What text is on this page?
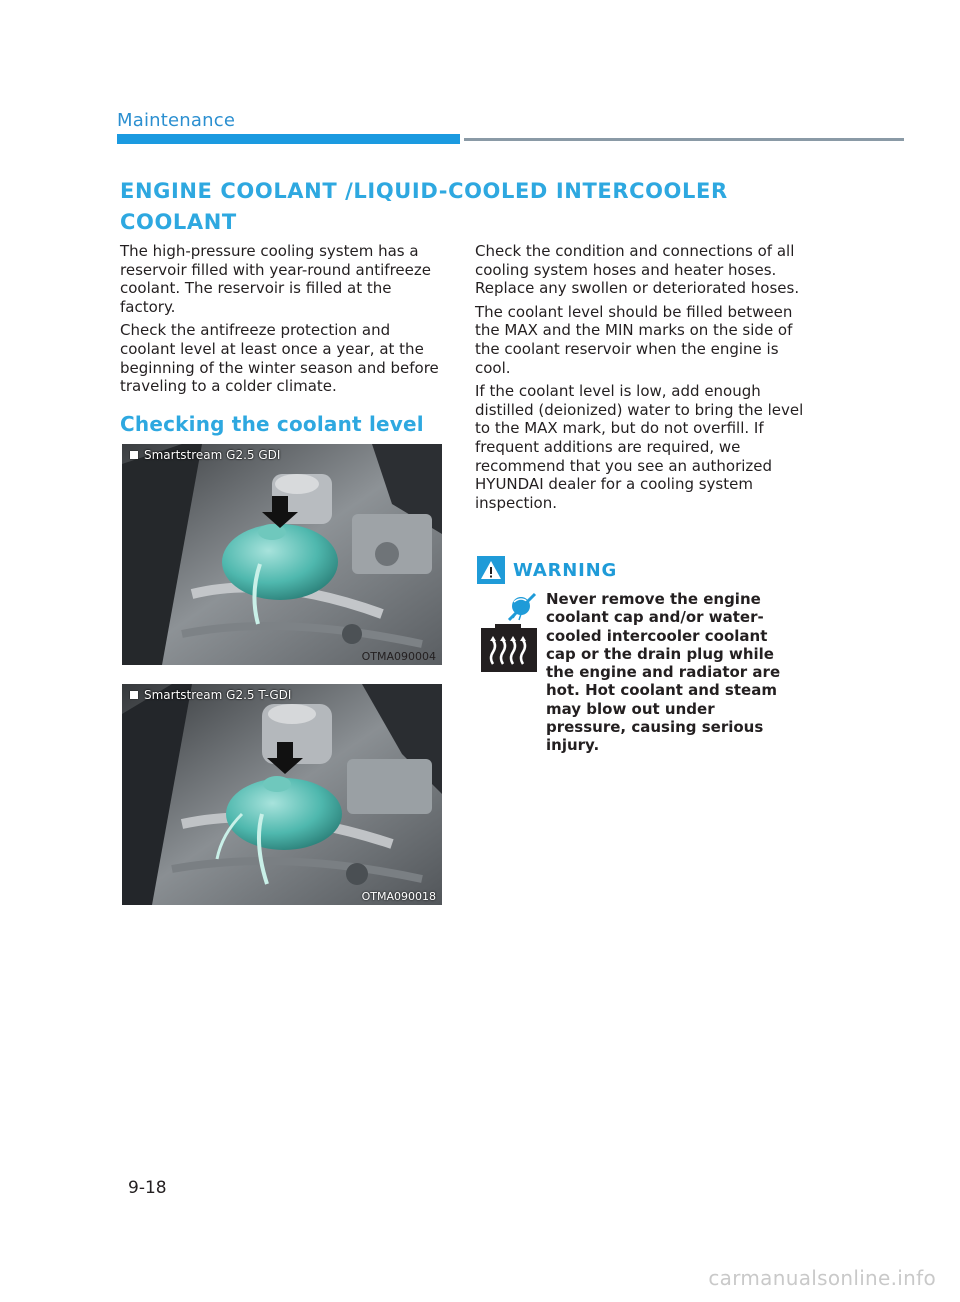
Maintenance
ENGINE COOLANT /LIQUID-COOLED INTERCOOLER COOLANT

The high-pressure cooling system has a reservoir filled with year-round antifreeze coolant. The reservoir is filled at the factory.

Check the antifreeze protection and coolant level at least once a year, at the beginning of the winter season and before traveling to a colder climate.

Checking the coolant level
Smartstream G2.5 GDI
OTMA090004
Smartstream G2.5 T-GDI
OTMA090018

Check the condition and connections of all cooling system hoses and heater hoses. Replace any swollen or deteriorated hoses.

The coolant level should be filled between the MAX and the MIN marks on the side of the coolant reservoir when the engine is cool.

If the coolant level is low, add enough distilled (deionized) water to bring the level to the MAX mark, but do not overfill. If frequent additions are required, we recommend that you see an authorized HYUNDAI dealer for a cooling system inspection.

WARNING
Never remove the engine coolant cap and/or water-cooled intercooler coolant cap or the drain plug while the engine and radiator are hot. Hot coolant and steam may blow out under pressure, causing serious injury.
9-18
carmanualsonline.info
